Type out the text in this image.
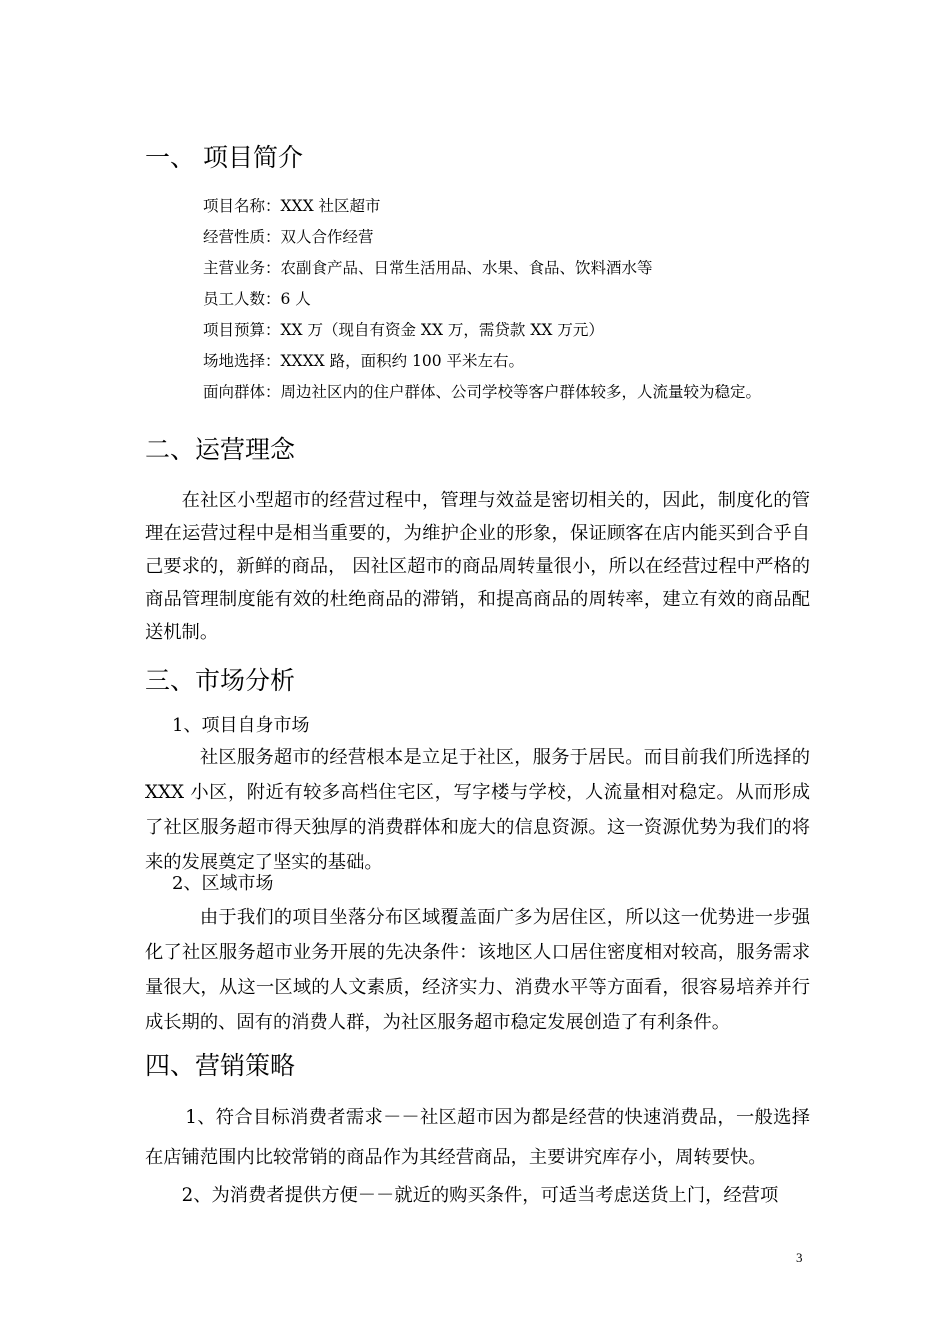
一、 项目简介
项目名称：XXX 社区超市
经营性质：双人合作经营
主营业务：农副食产品、日常生活用品、水果、食品、饮料酒水等
员工人数：6 人
项目预算：XX 万（现自有资金 XX 万，需贷款 XX 万元）
场地选择：XXXX 路，面积约 100 平米左右。
面向群体：周边社区内的住户群体、公司学校等客户群体较多，人流量较为稳定。
二、运营理念

在社区小型超市的经营过程中，管理与效益是密切相关的，因此，制度化的管理在运营过程中是相当重要的，为维护企业的形象，保证顾客在店内能买到合乎自己要求的，新鲜的商品， 因社区超市的商品周转量很小，所以在经营过程中严格的商品管理制度能有效的杜绝商品的滞销，和提高商品的周转率，建立有效的商品配送机制。

三、市场分析
1、项目自身市场

社区服务超市的经营根本是立足于社区，服务于居民。而目前我们所选择的 XXX 小区，附近有较多高档住宅区，写字楼与学校，人流量相对稳定。从而形成了社区服务超市得天独厚的消费群体和庞大的信息资源。这一资源优势为我们的将来的发展奠定了坚实的基础。

2、区域市场

由于我们的项目坐落分布区域覆盖面广多为居住区，所以这一优势进一步强化了社区服务超市业务开展的先决条件：该地区人口居住密度相对较高，服务需求量很大，从这一区域的人文素质，经济实力、消费水平等方面看，很容易培养并行成长期的、固有的消费人群，为社区服务超市稳定发展创造了有利条件。

四、营销策略

1、符合目标消费者需求－－社区超市因为都是经营的快速消费品，一般选择在店铺范围内比较常销的商品作为其经营商品，主要讲究库存小，周转要快。

2、为消费者提供方便－－就近的购买条件，可适当考虑送货上门，经营项

3
